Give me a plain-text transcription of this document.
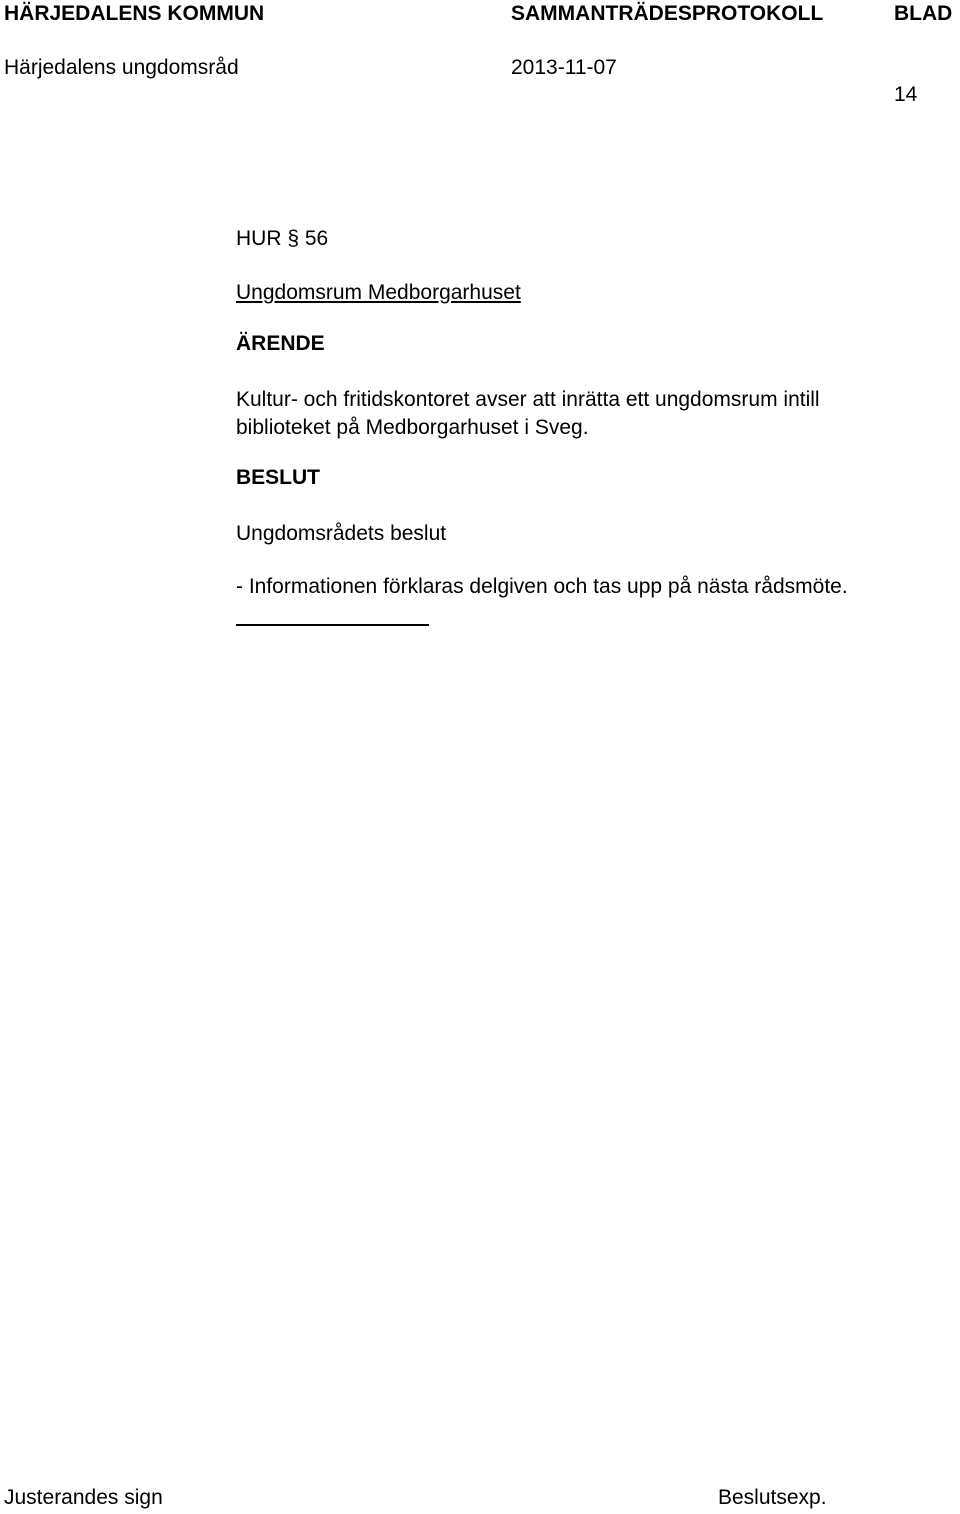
HÄRJEDALENS KOMMUN	SAMMANTRÄDESPROTOKOLL	BLAD
Härjedalens ungdomsråd	2013-11-07
14
HUR § 56
Ungdomsrum Medborgarhuset
ÄRENDE
Kultur- och fritidskontoret avser att inrätta ett ungdomsrum intill
biblioteket på Medborgarhuset i Sveg.
BESLUT
Ungdomsrådets beslut
- Informationen förklaras delgiven och tas upp på nästa rådsmöte.
Justerandes sign	Beslutsexp.
